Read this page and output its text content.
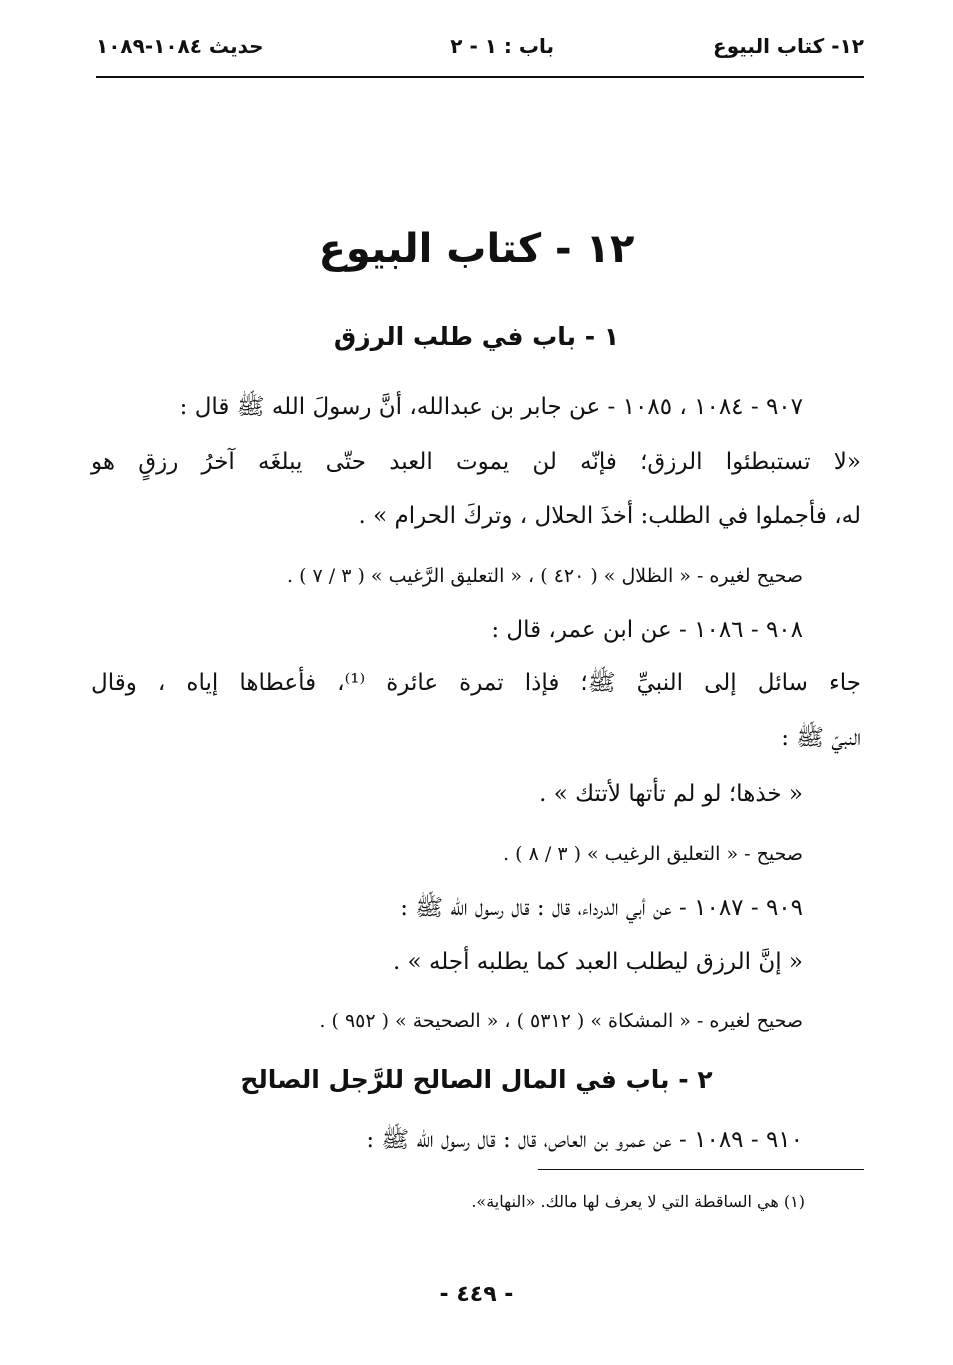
١٢- كتاب البيوع
باب : ١ - ٢
حديث ١٠٨٤-١٠٨٩
١٢ - كتاب البيوع
١ - باب في طلب الرزق
٩٠٧ - ١٠٨٤ ، ١٠٨٥ - عن جابر بن عبدالله، أنَّ رسولَ الله ﷺ قال :
«لا تستبطئوا الرزق؛ فإنّه لن يموت العبد حتّى يبلغَه آخرُ رزقٍ هو
له، فأجملوا في الطلب: أخذَ الحلال ، وتركَ الحرام » .
صحيح لغيره - « الظلال » ( ٤٢٠ ) ، « التعليق الرَّغيب » ( ٣ / ٧ ) .
٩٠٨ - ١٠٨٦ - عن ابن عمر، قال :
جاء سائل إلى النبيِّ ﷺ؛ فإذا تمرة عائرة ⁽¹⁾، فأعطاها إياه ، وقال
النبيّ ﷺ :
« خذها؛ لو لم تأتها لأتتك » .
صحيح - « التعليق الرغيب » ( ٣ / ٨ ) .
٩٠٩ - ١٠٨٧ - عن أبي الدرداء، قال : قال رسول الله ﷺ :
« إنَّ الرزق ليطلب العبد كما يطلبه أجله » .
صحيح لغيره - « المشكاة » ( ٥٣١٢ ) ، « الصحيحة » ( ٩٥٢ ) .
٢ - باب في المال الصالح للرَّجل الصالح
٩١٠ - ١٠٨٩ - عن عمرو بن العاص، قال : قال رسول الله ﷺ :
(١) هي الساقطة التي لا يعرف لها مالك. «النهاية».
- ٤٤٩ -
